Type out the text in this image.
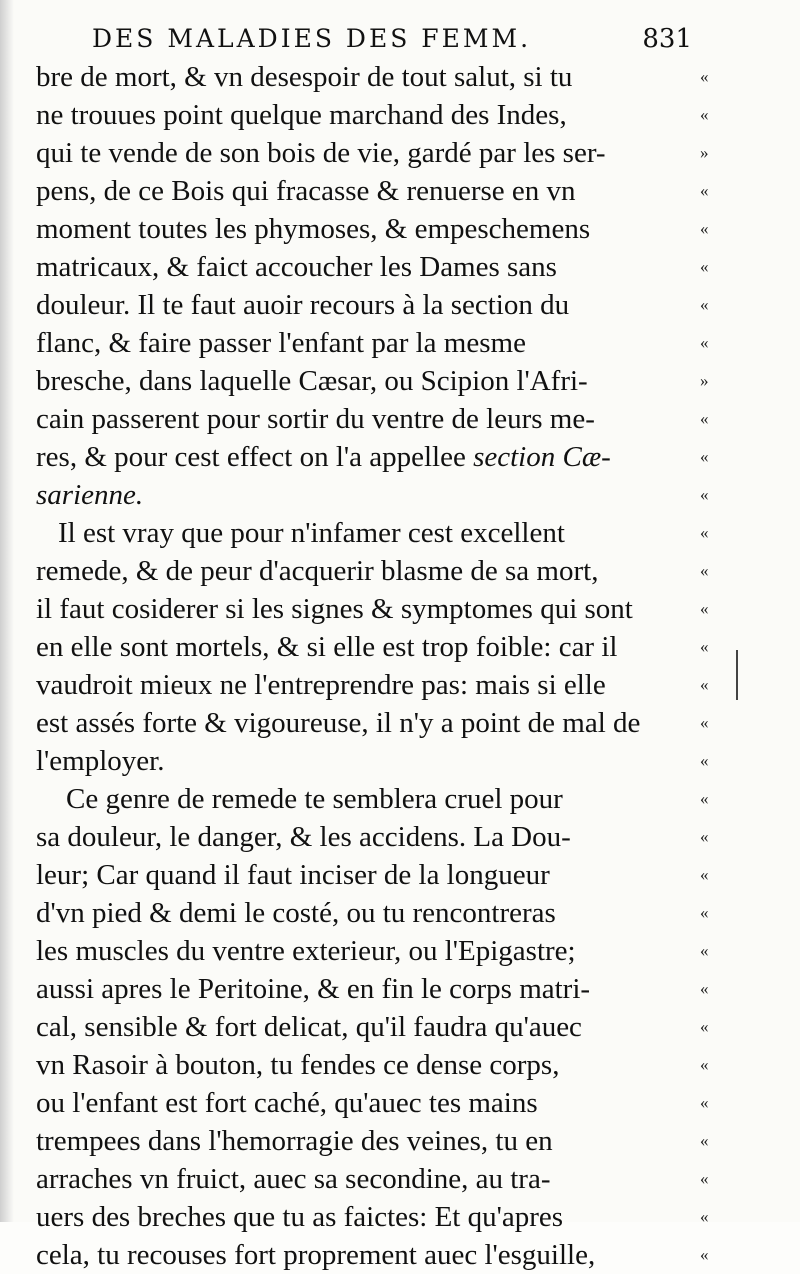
DES MALADIES DES FEMM.	831
bre de mort, & vn desespoir de tout salut, si tu
ne trouues point quelque marchand des Indes,
qui te vende de son bois de vie, gardé par les ser-
pens, de ce Bois qui fracasse & renuerse en vn
moment toutes les phymoses, & empeschemens
matricaux, & faict accoucher les Dames sans
douleur. Il te faut auoir recours à la section du
flanc, & faire passer l'enfant par la mesme
bresche, dans laquelle Cæsar, ou Scipion l'Afri-
cain passerent pour sortir du ventre de leurs me-
res, & pour cest effect on l'a appellee section Cæ-
sarienne.
Il est vray que pour n'infamer cest excellent
remede, & de peur d'acquerir blasme de sa mort,
il faut cosiderer si les signes & symptomes qui sont
en elle sont mortels, & si elle est trop foible: car il
vaudroit mieux ne l'entreprendre pas: mais si elle
est assés forte & vigoureuse, il n'y a point de mal de
l'employer.
Ce genre de remede te semblera cruel pour
sa douleur, le danger, & les accidens. La Dou-
leur; Car quand il faut inciser de la longueur
d'vn pied & demi le costé, ou tu rencontreras
les muscles du ventre exterieur, ou l'Epigastre;
aussi apres le Peritoine, & en fin le corps matri-
cal, sensible & fort delicat, qu'il faudra qu'auec
vn Rasoir à bouton, tu fendes ce dense corps,
ou l'enfant est fort caché, qu'auec tes mains
trempees dans l'hemorragie des veines, tu en
arraches vn fruict, auec sa secondine, au tra-
uers des breches que tu as faictes: Et qu'apres
cela, tu recouses fort proprement auec l'esguille,
«
«
»
«
«
«
«
«
»
«
«
«
«
«
«
«
«
«
«
«
«
«
«
«
«
«
«
«
«
«
«
«
